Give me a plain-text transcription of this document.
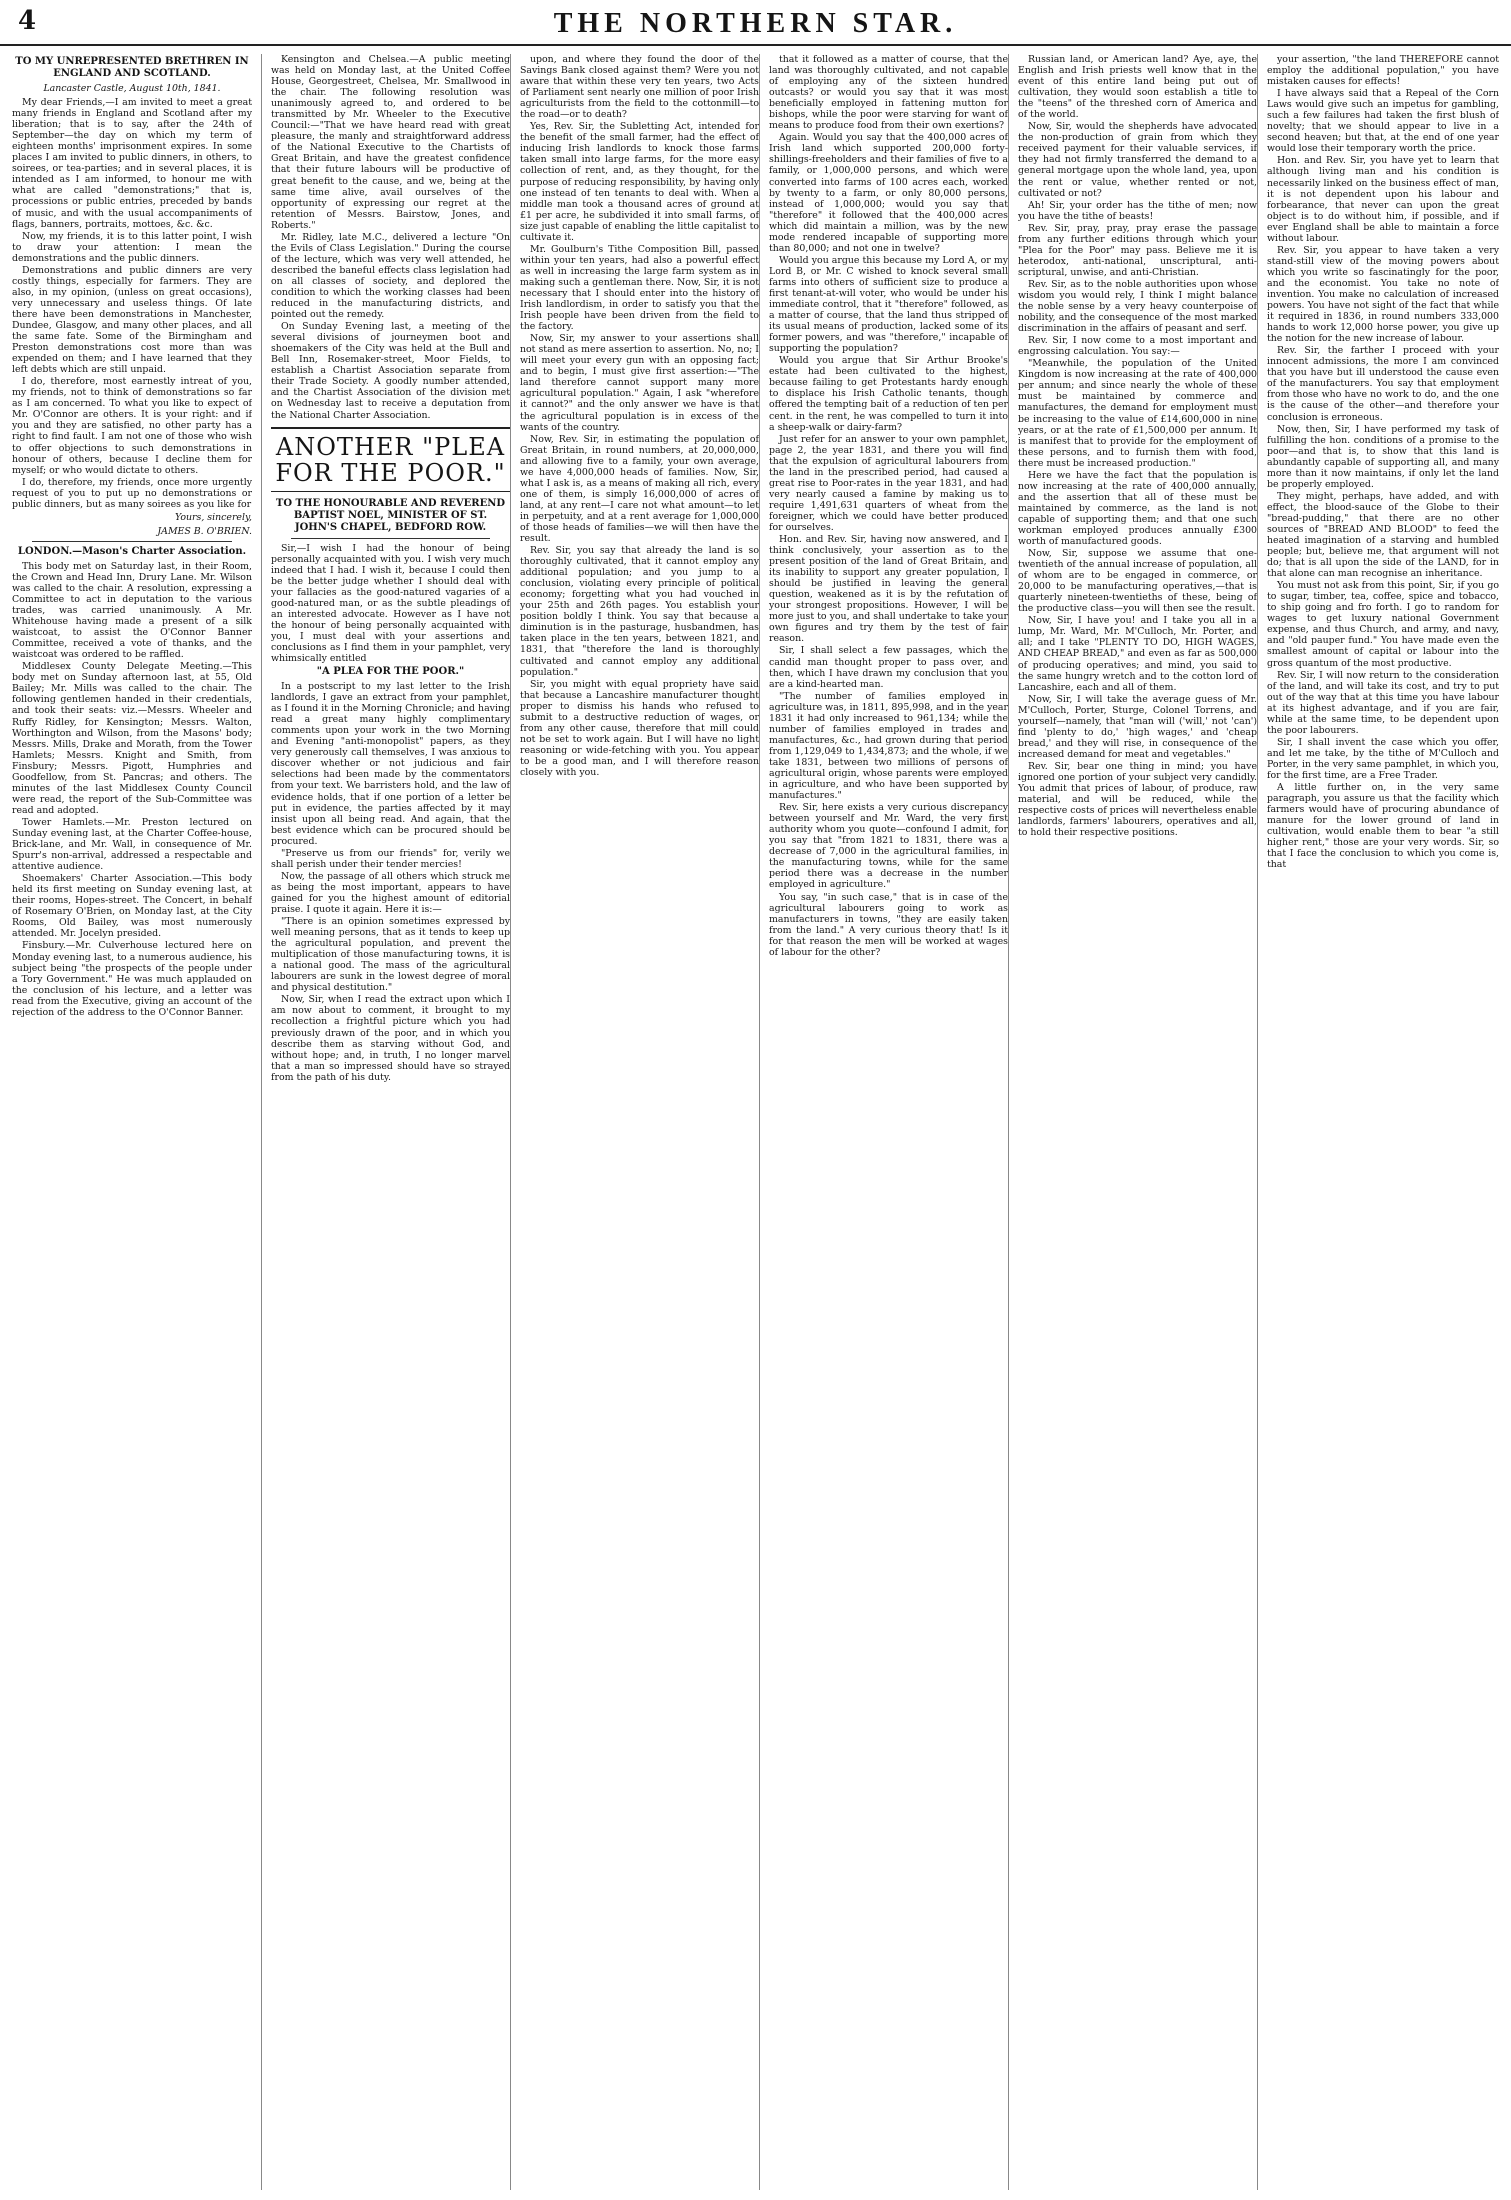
4	THE NORTHERN STAR.

TO MY UNREPRESENTED BRETHREN IN ENGLAND AND SCOTLAND.

Lancaster Castle, August 10th, 1841.

My dear Friends,—I am invited to meet a great many friends in England and Scotland after my liberation; that is to say, after the 24th of September—the day on which my term of eighteen months' imprisonment expires. In some places I am invited to public dinners, in others, to soirees, or tea-parties; and in several places, it is intended as I am informed, to honour me with what are called "demonstrations;" that is, processions or public entries, preceded by bands of music, and with the usual accompaniments of flags, banners, portraits, mottoes, &c. &c.

Now, my friends, it is to this latter point, I wish to draw your attention: I mean the demonstrations and the public dinners.

Demonstrations and public dinners are very costly things, especially for farmers. They are also, in my opinion, (unless on great occasions), very unnecessary and useless things. Of late there have been demonstrations in Manchester, Dundee, Glasgow, and many other places, and all the same fate. Some of the Birmingham and Preston demonstrations cost more than was expended on them; and I have learned that they left debts which are still unpaid.

I do, therefore, most earnestly intreat of you, my friends, not to think of demonstrations so far as I am concerned. To what you like to expect of Mr. O'Connor are others. It is your right: and if you and they are satisfied, no other party has a right to find fault. I am not one of those who wish to offer objections to such demonstrations in honour of others, because I decline them for myself; or who would dictate to others.

I do, therefore, my friends, once more urgently request of you to put up no demonstrations or public dinners, but as many soirees as you like for

Yours, sincerely,

JAMES B. O'BRIEN.

LONDON.—Mason's Charter Association.

This body met on Saturday last, in their Room, the Crown and Head Inn, Drury Lane. Mr. Wilson was called to the chair. A resolution, expressing a Committee to act in deputation to the various trades, was carried unanimously. A Mr. Whitehouse having made a present of a silk waistcoat, to assist the O'Connor Banner Committee, received a vote of thanks, and the waistcoat was ordered to be raffled.

Middlesex County Delegate Meeting.—This body met on Sunday afternoon last, at 55, Old Bailey; Mr. Mills was called to the chair. The following gentlemen handed in their credentials, and took their seats: viz.—Messrs. Wheeler and Ruffy Ridley, for Kensington; Messrs. Walton, Worthington and Wilson, from the Masons' body; Messrs. Mills, Drake and Morath, from the Tower Hamlets; Messrs. Knight and Smith, from Finsbury; Messrs. Pigott, Humphries and Goodfellow, from St. Pancras; and others. The minutes of the last Middlesex County Council were read, the report of the Sub-Committee was read and adopted.

Tower Hamlets.—Mr. Preston lectured on Sunday evening last, at the Charter Coffee-house, Brick-lane, and Mr. Wall, in consequence of Mr. Spurr's non-arrival, addressed a respectable and attentive audience.

Shoemakers' Charter Association.—This body held its first meeting on Sunday evening last, at their rooms, Hopes-street. The Concert, in behalf of Rosemary O'Brien, on Monday last, at the City Rooms, Old Bailey, was most numerously attended. Mr. Jocelyn presided.

Finsbury.—Mr. Culverhouse lectured here on Monday evening last, to a numerous audience, his subject being "the prospects of the people under a Tory Government." He was much applauded on the conclusion of his lecture, and a letter was read from the Executive, giving an account of the rejection of the address to the O'Connor Banner.

Kensington and Chelsea.—A public meeting was held on Monday last, at the United Coffee House, Georgestreet, Chelsea, Mr. Smallwood in the chair. The following resolution was unanimously agreed to, and ordered to be transmitted by Mr. Wheeler to the Executive Council:—"That we have heard read with great pleasure, the manly and straightforward address of the National Executive to the Chartists of Great Britain, and have the greatest confidence that their future labours will be productive of great benefit to the cause, and we, being at the same time alive, avail ourselves of the opportunity of expressing our regret at the retention of Messrs. Bairstow, Jones, and Roberts."

Mr. Ridley, late M.C., delivered a lecture "On the Evils of Class Legislation." During the course of the lecture, which was very well attended, he described the baneful effects class legislation had on all classes of society, and deplored the condition to which the working classes had been reduced in the manufacturing districts, and pointed out the remedy.

On Sunday Evening last, a meeting of the several divisions of journeymen boot and shoemakers of the City was held at the Bull and Bell Inn, Rosemaker-street, Moor Fields, to establish a Chartist Association separate from their Trade Society. A goodly number attended, and the Chartist Association of the division met on Wednesday last to receive a deputation from the National Charter Association.

ANOTHER "PLEA FOR THE POOR."

TO THE HONOURABLE AND REVEREND BAPTIST NOEL, MINISTER OF ST. JOHN'S CHAPEL, BEDFORD ROW.

Sir,—I wish I had the honour of being personally acquainted with you. I wish very much indeed that I had. I wish it, because I could then be the better judge whether I should deal with your fallacies as the good-natured vagaries of a good-natured man, or as the subtle pleadings of an interested advocate. However as I have not the honour of being personally acquainted with you, I must deal with your assertions and conclusions as I find them in your pamphlet, very whimsically entitled

"A PLEA FOR THE POOR."

In a postscript to my last letter to the Irish landlords, I gave an extract from your pamphlet, as I found it in the Morning Chronicle; and having read a great many highly complimentary comments upon your work in the two Morning and Evening "anti-monopolist" papers, as they very generously call themselves, I was anxious to discover whether or not judicious and fair selections had been made by the commentators from your text. We barristers hold, and the law of evidence holds, that if one portion of a letter be put in evidence, the parties affected by it may insist upon all being read. And again, that the best evidence which can be procured should be procured.

"Preserve us from our friends" for, verily we shall perish under their tender mercies!

Now, the passage of all others which struck me as being the most important, appears to have gained for you the highest amount of editorial praise. I quote it again. Here it is:—

"There is an opinion sometimes expressed by well meaning persons, that as it tends to keep up the agricultural population, and prevent the multiplication of those manufacturing towns, it is a national good. The mass of the agricultural labourers are sunk in the lowest degree of moral and physical destitution."

Now, Sir, when I read the extract upon which I am now about to comment, it brought to my recollection a frightful picture which you had previously drawn of the poor, and in which you describe them as starving without God, and without hope; and, in truth, I no longer marvel that a man so impressed should have so strayed from the path of his duty.

upon, and where they found the door of the Savings Bank closed against them? Were you not aware that within these very ten years, two Acts of Parliament sent nearly one million of poor Irish agriculturists from the field to the cottonmill—to the road—or to death?

Yes, Rev. Sir, the Subletting Act, intended for the benefit of the small farmer, had the effect of inducing Irish landlords to knock those farms taken small into large farms, for the more easy collection of rent, and, as they thought, for the purpose of reducing responsibility, by having only one instead of ten tenants to deal with. When a middle man took a thousand acres of ground at £1 per acre, he subdivided it into small farms, of size just capable of enabling the little capitalist to cultivate it.

Mr. Goulburn's Tithe Composition Bill, passed within your ten years, had also a powerful effect as well in increasing the large farm system as in making such a gentleman there. Now, Sir, it is not necessary that I should enter into the history of Irish landlordism, in order to satisfy you that the Irish people have been driven from the field to the factory.

Now, Sir, my answer to your assertions shall not stand as mere assertion to assertion. No, no; I will meet your every gun with an opposing fact; and to begin, I must give first assertion:—"The land therefore cannot support many more agricultural population." Again, I ask "wherefore it cannot?" and the only answer we have is that the agricultural population is in excess of the wants of the country.

Now, Rev. Sir, in estimating the population of Great Britain, in round numbers, at 20,000,000, and allowing five to a family, your own average, we have 4,000,000 heads of families. Now, Sir, what I ask is, as a means of making all rich, every one of them, is simply 16,000,000 of acres of land, at any rent—I care not what amount—to let in perpetuity, and at a rent average for 1,000,000 of those heads of families—we will then have the result.

Rev. Sir, you say that already the land is so thoroughly cultivated, that it cannot employ any additional population; and you jump to a conclusion, violating every principle of political economy; forgetting what you had vouched in your 25th and 26th pages. You establish your position boldly I think. You say that because a diminution is in the pasturage, husbandmen, has taken place in the ten years, between 1821, and 1831, that "therefore the land is thoroughly cultivated and cannot employ any additional population."

Sir, you might with equal propriety have said that because a Lancashire manufacturer thought proper to dismiss his hands who refused to submit to a destructive reduction of wages, or from any other cause, therefore that mill could not be set to work again. But I will have no light reasoning or wide-fetching with you. You appear to be a good man, and I will therefore reason closely with you.

that it followed as a matter of course, that the land was thoroughly cultivated, and not capable of employing any of the sixteen hundred outcasts? or would you say that it was most beneficially employed in fattening mutton for bishops, while the poor were starving for want of means to produce food from their own exertions?

Again. Would you say that the 400,000 acres of Irish land which supported 200,000 forty-shillings-freeholders and their families of five to a family, or 1,000,000 persons, and which were converted into farms of 100 acres each, worked by twenty to a farm, or only 80,000 persons, instead of 1,000,000; would you say that "therefore" it followed that the 400,000 acres which did maintain a million, was by the new mode rendered incapable of supporting more than 80,000; and not one in twelve?

Would you argue this because my Lord A, or my Lord B, or Mr. C wished to knock several small farms into others of sufficient size to produce a first tenant-at-will voter, who would be under his immediate control, that it "therefore" followed, as a matter of course, that the land thus stripped of its usual means of production, lacked some of its former powers, and was "therefore," incapable of supporting the population?

Would you argue that Sir Arthur Brooke's estate had been cultivated to the highest, because failing to get Protestants hardy enough to displace his Irish Catholic tenants, though offered the tempting bait of a reduction of ten per cent. in the rent, he was compelled to turn it into a sheep-walk or dairy-farm?

Just refer for an answer to your own pamphlet, page 2, the year 1831, and there you will find that the expulsion of agricultural labourers from the land in the prescribed period, had caused a great rise to Poor-rates in the year 1831, and had very nearly caused a famine by making us to require 1,491,631 quarters of wheat from the foreigner, which we could have better produced for ourselves.

Hon. and Rev. Sir, having now answered, and I think conclusively, your assertion as to the present position of the land of Great Britain, and its inability to support any greater population, I should be justified in leaving the general question, weakened as it is by the refutation of your strongest propositions. However, I will be more just to you, and shall undertake to take your own figures and try them by the test of fair reason.

Sir, I shall select a few passages, which the candid man thought proper to pass over, and then, which I have drawn my conclusion that you are a kind-hearted man.

"The number of families employed in agriculture was, in 1811, 895,998, and in the year 1831 it had only increased to 961,134; while the number of families employed in trades and manufactures, &c., had grown during that period from 1,129,049 to 1,434,873; and the whole, if we take 1831, between two millions of persons of agricultural origin, whose parents were employed in agriculture, and who have been supported by manufactures."

Rev. Sir, here exists a very curious discrepancy between yourself and Mr. Ward, the very first authority whom you quote—confound I admit, for you say that "from 1821 to 1831, there was a decrease of 7,000 in the agricultural families, in the manufacturing towns, while for the same period there was a decrease in the number employed in agriculture."

You say, "in such case," that is in case of the agricultural labourers going to work as manufacturers in towns, "they are easily taken from the land." A very curious theory that! Is it for that reason the men will be worked at wages of labour for the other?

Russian land, or American land? Aye, aye, the English and Irish priests well know that in the event of this entire land being put out of cultivation, they would soon establish a title to the "teens" of the threshed corn of America and of the world.

Now, Sir, would the shepherds have advocated the non-production of grain from which they received payment for their valuable services, if they had not firmly transferred the demand to a general mortgage upon the whole land, yea, upon the rent or value, whether rented or not, cultivated or not?

Ah! Sir, your order has the tithe of men; now you have the tithe of beasts!

Rev. Sir, pray, pray, pray erase the passage from any further editions through which your "Plea for the Poor" may pass. Believe me it is heterodox, anti-national, unscriptural, anti-scriptural, unwise, and anti-Christian.

Rev. Sir, as to the noble authorities upon whose wisdom you would rely, I think I might balance the noble sense by a very heavy counterpoise of nobility, and the consequence of the most marked discrimination in the affairs of peasant and serf.

Rev. Sir, I now come to a most important and engrossing calculation. You say:—

"Meanwhile, the population of the United Kingdom is now increasing at the rate of 400,000 per annum; and since nearly the whole of these must be maintained by commerce and manufactures, the demand for employment must be increasing to the value of £14,600,000 in nine years, or at the rate of £1,500,000 per annum. It is manifest that to provide for the employment of these persons, and to furnish them with food, there must be increased production."

Here we have the fact that the population is now increasing at the rate of 400,000 annually, and the assertion that all of these must be maintained by commerce, as the land is not capable of supporting them; and that one such workman employed produces annually £300 worth of manufactured goods.

Now, Sir, suppose we assume that one-twentieth of the annual increase of population, all of whom are to be engaged in commerce, or 20,000 to be manufacturing operatives,—that is quarterly nineteen-twentieths of these, being of the productive class—you will then see the result.

Now, Sir, I have you! and I take you all in a lump, Mr. Ward, Mr. M'Culloch, Mr. Porter, and all; and I take "PLENTY TO DO, HIGH WAGES, AND CHEAP BREAD," and even as far as 500,000 of producing operatives; and mind, you said to the same hungry wretch and to the cotton lord of Lancashire, each and all of them.

Now, Sir, I will take the average guess of Mr. M'Culloch, Porter, Sturge, Colonel Torrens, and yourself—namely, that "man will ('will,' not 'can') find 'plenty to do,' 'high wages,' and 'cheap bread,' and they will rise, in consequence of the increased demand for meat and vegetables."

Rev. Sir, bear one thing in mind; you have ignored one portion of your subject very candidly. You admit that prices of labour, of produce, raw material, and will be reduced, while the respective costs of prices will nevertheless enable landlords, farmers' labourers, operatives and all, to hold their respective positions.

your assertion, "the land THEREFORE cannot employ the additional population," you have mistaken causes for effects!

I have always said that a Repeal of the Corn Laws would give such an impetus for gambling, such a few failures had taken the first blush of novelty; that we should appear to live in a second heaven; but that, at the end of one year would lose their temporary worth the price.

Hon. and Rev. Sir, you have yet to learn that although living man and his condition is necessarily linked on the business effect of man, it is not dependent upon his labour and forbearance, that never can upon the great object is to do without him, if possible, and if ever England shall be able to maintain a force without labour.

Rev. Sir, you appear to have taken a very stand-still view of the moving powers about which you write so fascinatingly for the poor, and the economist. You take no note of invention. You make no calculation of increased powers. You have not sight of the fact that while it required in 1836, in round numbers 333,000 hands to work 12,000 horse power, you give up the notion for the new increase of labour.

Rev. Sir, the farther I proceed with your innocent admissions, the more I am convinced that you have but ill understood the cause even of the manufacturers. You say that employment from those who have no work to do, and the one is the cause of the other—and therefore your conclusion is erroneous.

Now, then, Sir, I have performed my task of fulfilling the hon. conditions of a promise to the poor—and that is, to show that this land is abundantly capable of supporting all, and many more than it now maintains, if only let the land be properly employed.

They might, perhaps, have added, and with effect, the blood-sauce of the Globe to their "bread-pudding," that there are no other sources of "BREAD AND BLOOD" to feed the heated imagination of a starving and humbled people; but, believe me, that argument will not do; that is all upon the side of the LAND, for in that alone can man recognise an inheritance.

You must not ask from this point, Sir, if you go to sugar, timber, tea, coffee, spice and tobacco, to ship going and fro forth. I go to random for wages to get luxury national Government expense, and thus Church, and army, and navy, and "old pauper fund." You have made even the smallest amount of capital or labour into the gross quantum of the most productive.

Rev. Sir, I will now return to the consideration of the land, and will take its cost, and try to put out of the way that at this time you have labour at its highest advantage, and if you are fair, while at the same time, to be dependent upon the poor labourers.

Sir, I shall invent the case which you offer, and let me take, by the tithe of M'Culloch and Porter, in the very same pamphlet, in which you, for the first time, are a Free Trader.

A little further on, in the very same paragraph, you assure us that the facility which farmers would have of procuring abundance of manure for the lower ground of land in cultivation, would enable them to bear "a still higher rent," those are your very words. Sir, so that I face the conclusion to which you come is, that
